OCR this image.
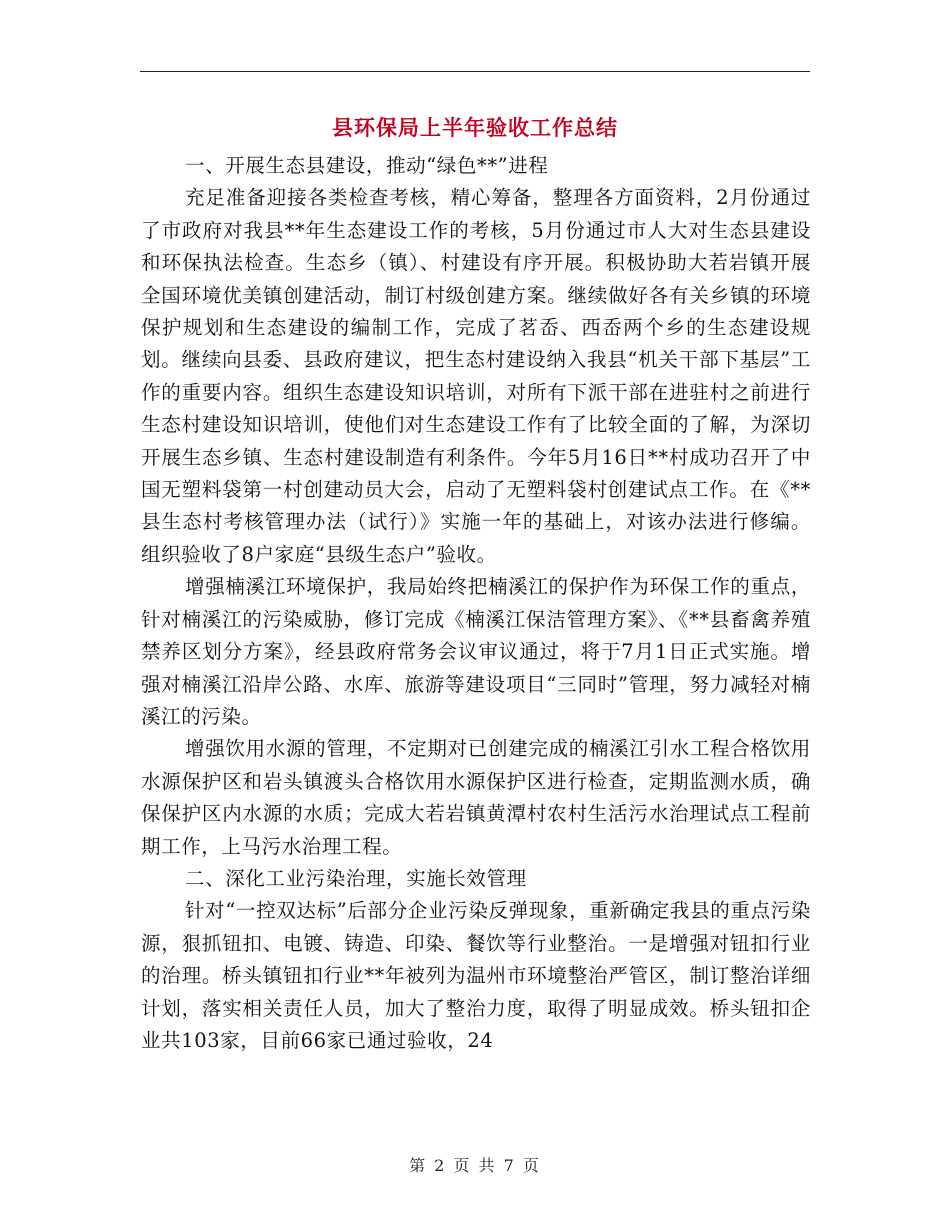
县环保局上半年验收工作总结

一、开展生态县建设，推动“绿色**”进程

充足准备迎接各类检查考核，精心筹备，整理各方面资料，2月份通过了市政府对我县**年生态建设工作的考核，5月份通过市人大对生态县建设和环保执法检查。生态乡（镇）、村建设有序开展。积极协助大若岩镇开展全国环境优美镇创建活动，制订村级创建方案。继续做好各有关乡镇的环境保护规划和生态建设的编制工作，完成了茗岙、西岙两个乡的生态建设规划。继续向县委、县政府建议，把生态村建设纳入我县“机关干部下基层”工作的重要内容。组织生态建设知识培训，对所有下派干部在进驻村之前进行生态村建设知识培训，使他们对生态建设工作有了比较全面的了解，为深切开展生态乡镇、生态村建设制造有利条件。今年5月16日**村成功召开了中国无塑料袋第一村创建动员大会，启动了无塑料袋村创建试点工作。在《**县生态村考核管理办法（试行）》实施一年的基础上，对该办法进行修编。组织验收了8户家庭“县级生态户”验收。

增强楠溪江环境保护，我局始终把楠溪江的保护作为环保工作的重点，针对楠溪江的污染威胁，修订完成《楠溪江保洁管理方案》、《**县畜禽养殖禁养区划分方案》，经县政府常务会议审议通过，将于7月1日正式实施。增强对楠溪江沿岸公路、水库、旅游等建设项目“三同时”管理，努力减轻对楠溪江的污染。

增强饮用水源的管理，不定期对已创建完成的楠溪江引水工程合格饮用水源保护区和岩头镇渡头合格饮用水源保护区进行检查，定期监测水质，确保保护区内水源的水质；完成大若岩镇黄潭村农村生活污水治理试点工程前期工作，上马污水治理工程。

二、深化工业污染治理，实施长效管理

针对“一控双达标”后部分企业污染反弹现象，重新确定我县的重点污染源，狠抓钮扣、电镀、铸造、印染、餐饮等行业整治。一是增强对钮扣行业的治理。桥头镇钮扣行业**年被列为温州市环境整治严管区，制订整治详细计划，落实相关责任人员，加大了整治力度，取得了明显成效。桥头钮扣企业共103家，目前66家已通过验收，24

第 2 页 共 7 页
